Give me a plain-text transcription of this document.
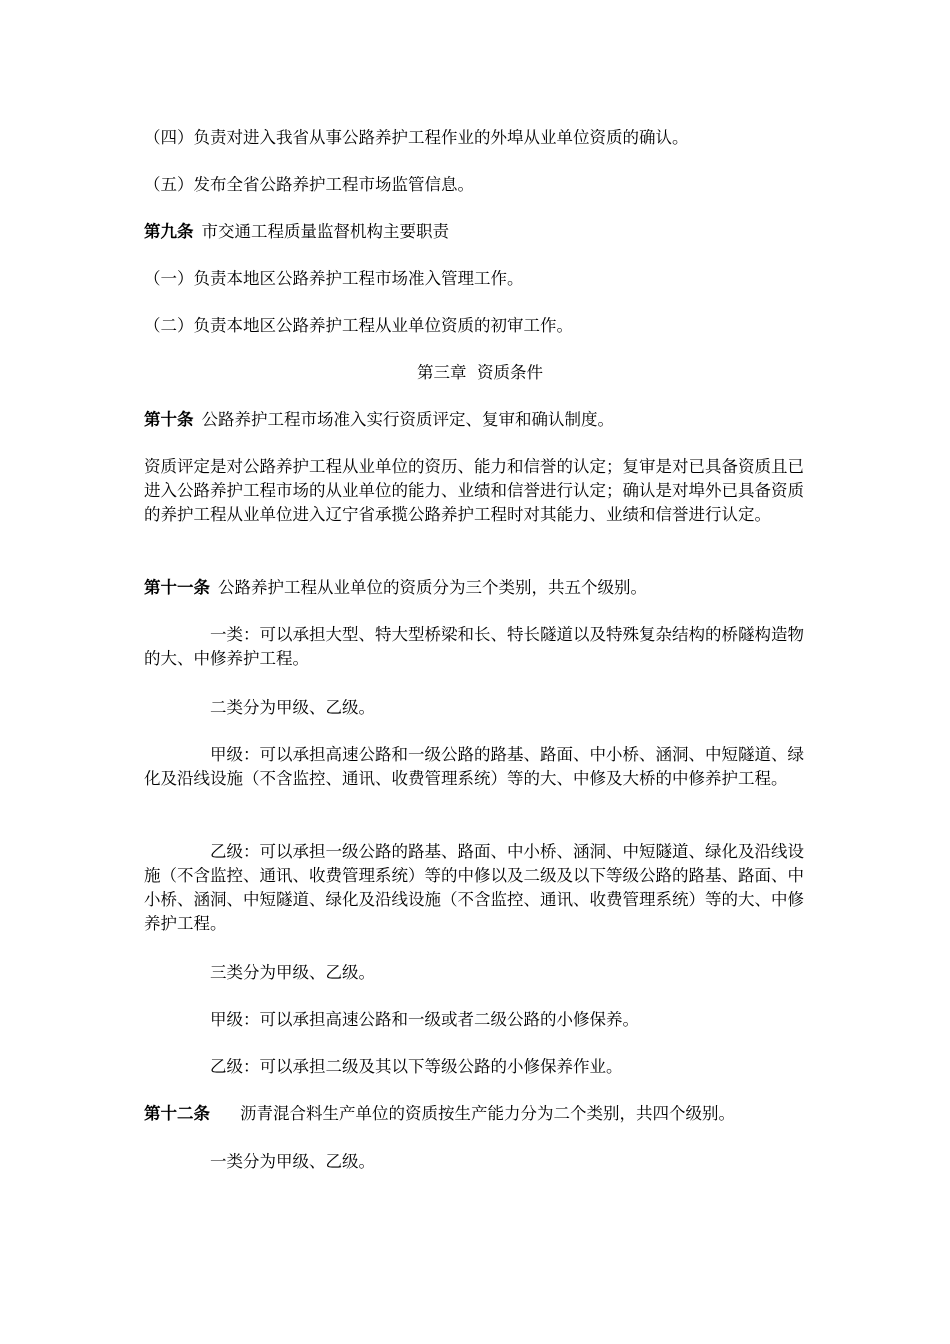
（四）负责对进入我省从事公路养护工程作业的外埠从业单位资质的确认。

（五）发布全省公路养护工程市场监管信息。

第九条 市交通工程质量监督机构主要职责

（一）负责本地区公路养护工程市场准入管理工作。

（二）负责本地区公路养护工程从业单位资质的初审工作。

第三章  资质条件

第十条 公路养护工程市场准入实行资质评定、复审和确认制度。

资质评定是对公路养护工程从业单位的资历、能力和信誉的认定；复审是对已具备资质且已进入公路养护工程市场的从业单位的能力、业绩和信誉进行认定；确认是对埠外已具备资质的养护工程从业单位进入辽宁省承揽公路养护工程时对其能力、业绩和信誉进行认定。

第十一条 公路养护工程从业单位的资质分为三个类别，共五个级别。

一类：可以承担大型、特大型桥梁和长、特长隧道以及特殊复杂结构的桥隧构造物的大、中修养护工程。

二类分为甲级、乙级。

甲级：可以承担高速公路和一级公路的路基、路面、中小桥、涵洞、中短隧道、绿化及沿线设施（不含监控、通讯、收费管理系统）等的大、中修及大桥的中修养护工程。

乙级：可以承担一级公路的路基、路面、中小桥、涵洞、中短隧道、绿化及沿线设施（不含监控、通讯、收费管理系统）等的中修以及二级及以下等级公路的路基、路面、中小桥、涵洞、中短隧道、绿化及沿线设施（不含监控、通讯、收费管理系统）等的大、中修养护工程。

三类分为甲级、乙级。

甲级：可以承担高速公路和一级或者二级公路的小修保养。

乙级：可以承担二级及其以下等级公路的小修保养作业。

第十二条 沥青混合料生产单位的资质按生产能力分为二个类别，共四个级别。

一类分为甲级、乙级。
